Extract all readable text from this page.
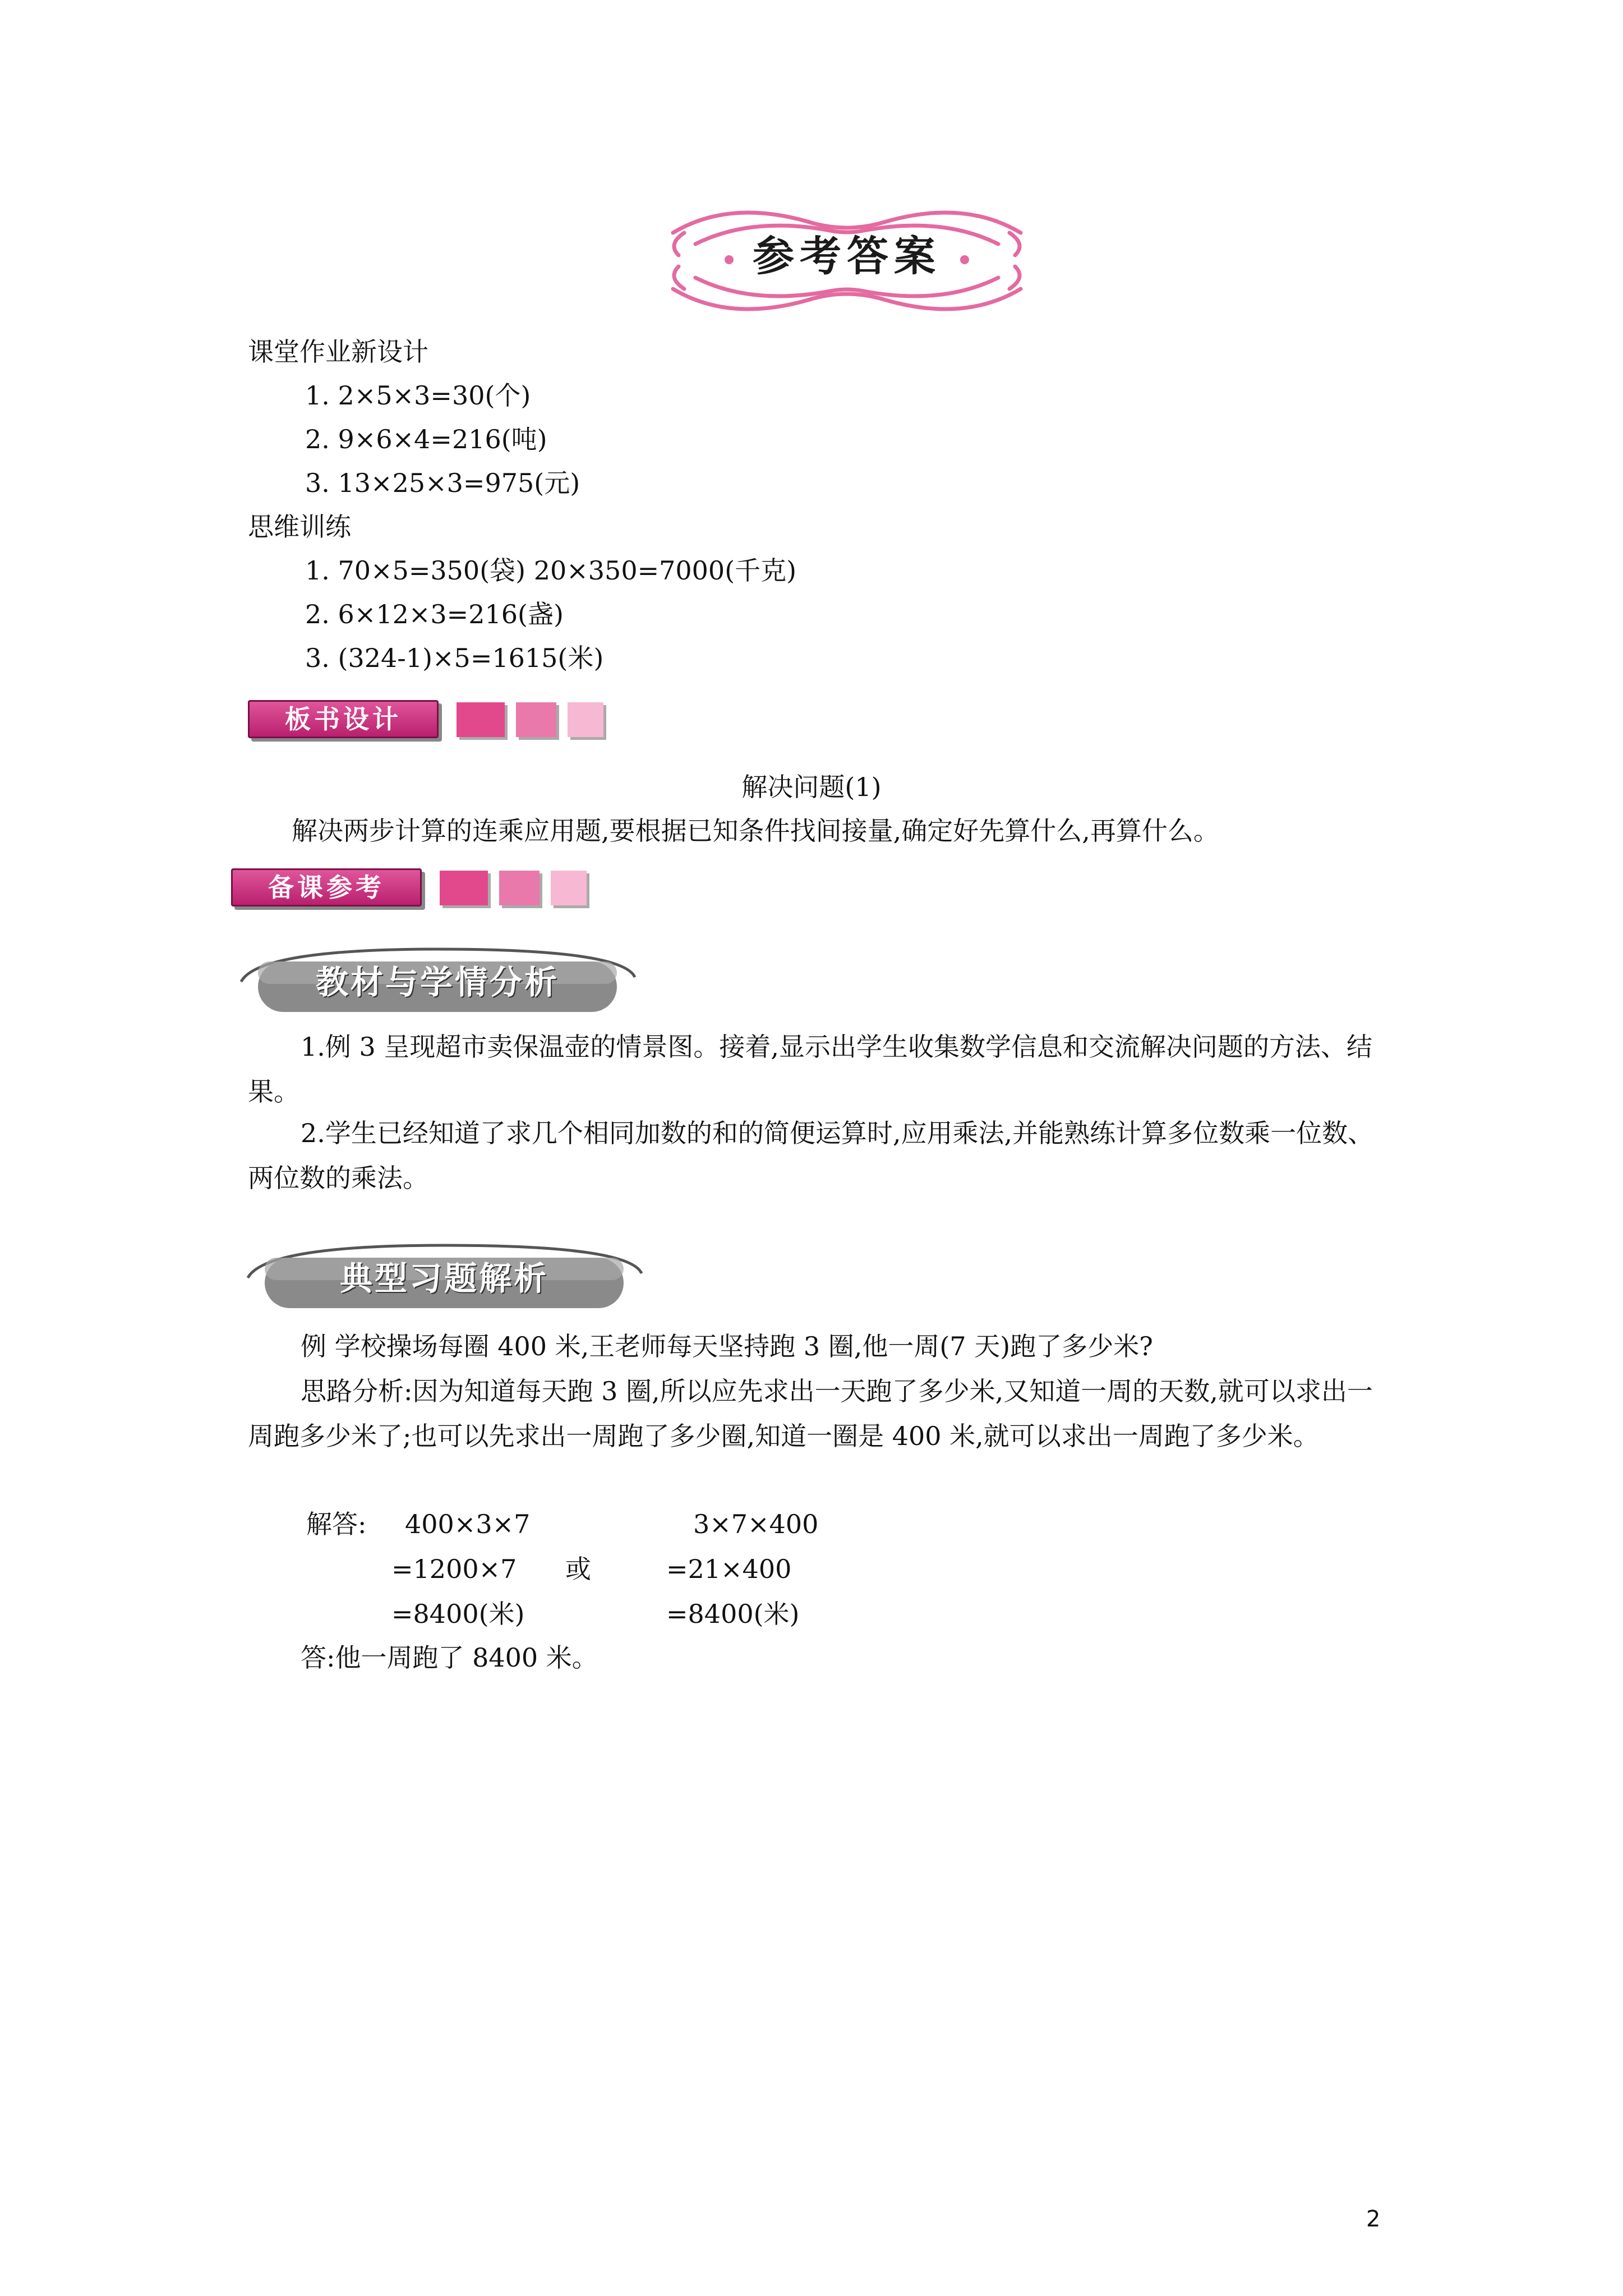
参考答案
课堂作业新设计
1. 2×5×3=30(个)
2. 9×6×4=216(吨)
3. 13×25×3=975(元)
思维训练
1. 70×5=350(袋) 20×350=7000(千克)
2. 6×12×3=216(盏)
3. (324-1)×5=1615(米)
板书设计
解决问题(1)
解决两步计算的连乘应用题,要根据已知条件找间接量,确定好先算什么,再算什么。
备课参考
教材与学情分析
1.例 3 呈现超市卖保温壶的情景图。接着,显示出学生收集数学信息和交流解决问题的方法、结果。
2.学生已经知道了求几个相同加数的和的简便运算时,应用乘法,并能熟练计算多位数乘一位数、两位数的乘法。
典型习题解析
例 学校操场每圈 400 米,王老师每天坚持跑 3 圈,他一周(7 天)跑了多少米?
思路分析:因为知道每天跑 3 圈,所以应先求出一天跑了多少米,又知道一周的天数,就可以求出一周跑多少米了;也可以先求出一周跑了多少圈,知道一圈是 400 米,就可以求出一周跑了多少米。
解答: 400×3×7
=1200×7
=8400(米)
或
3×7×400
=21×400
=8400(米)
答:他一周跑了 8400 米。
2
